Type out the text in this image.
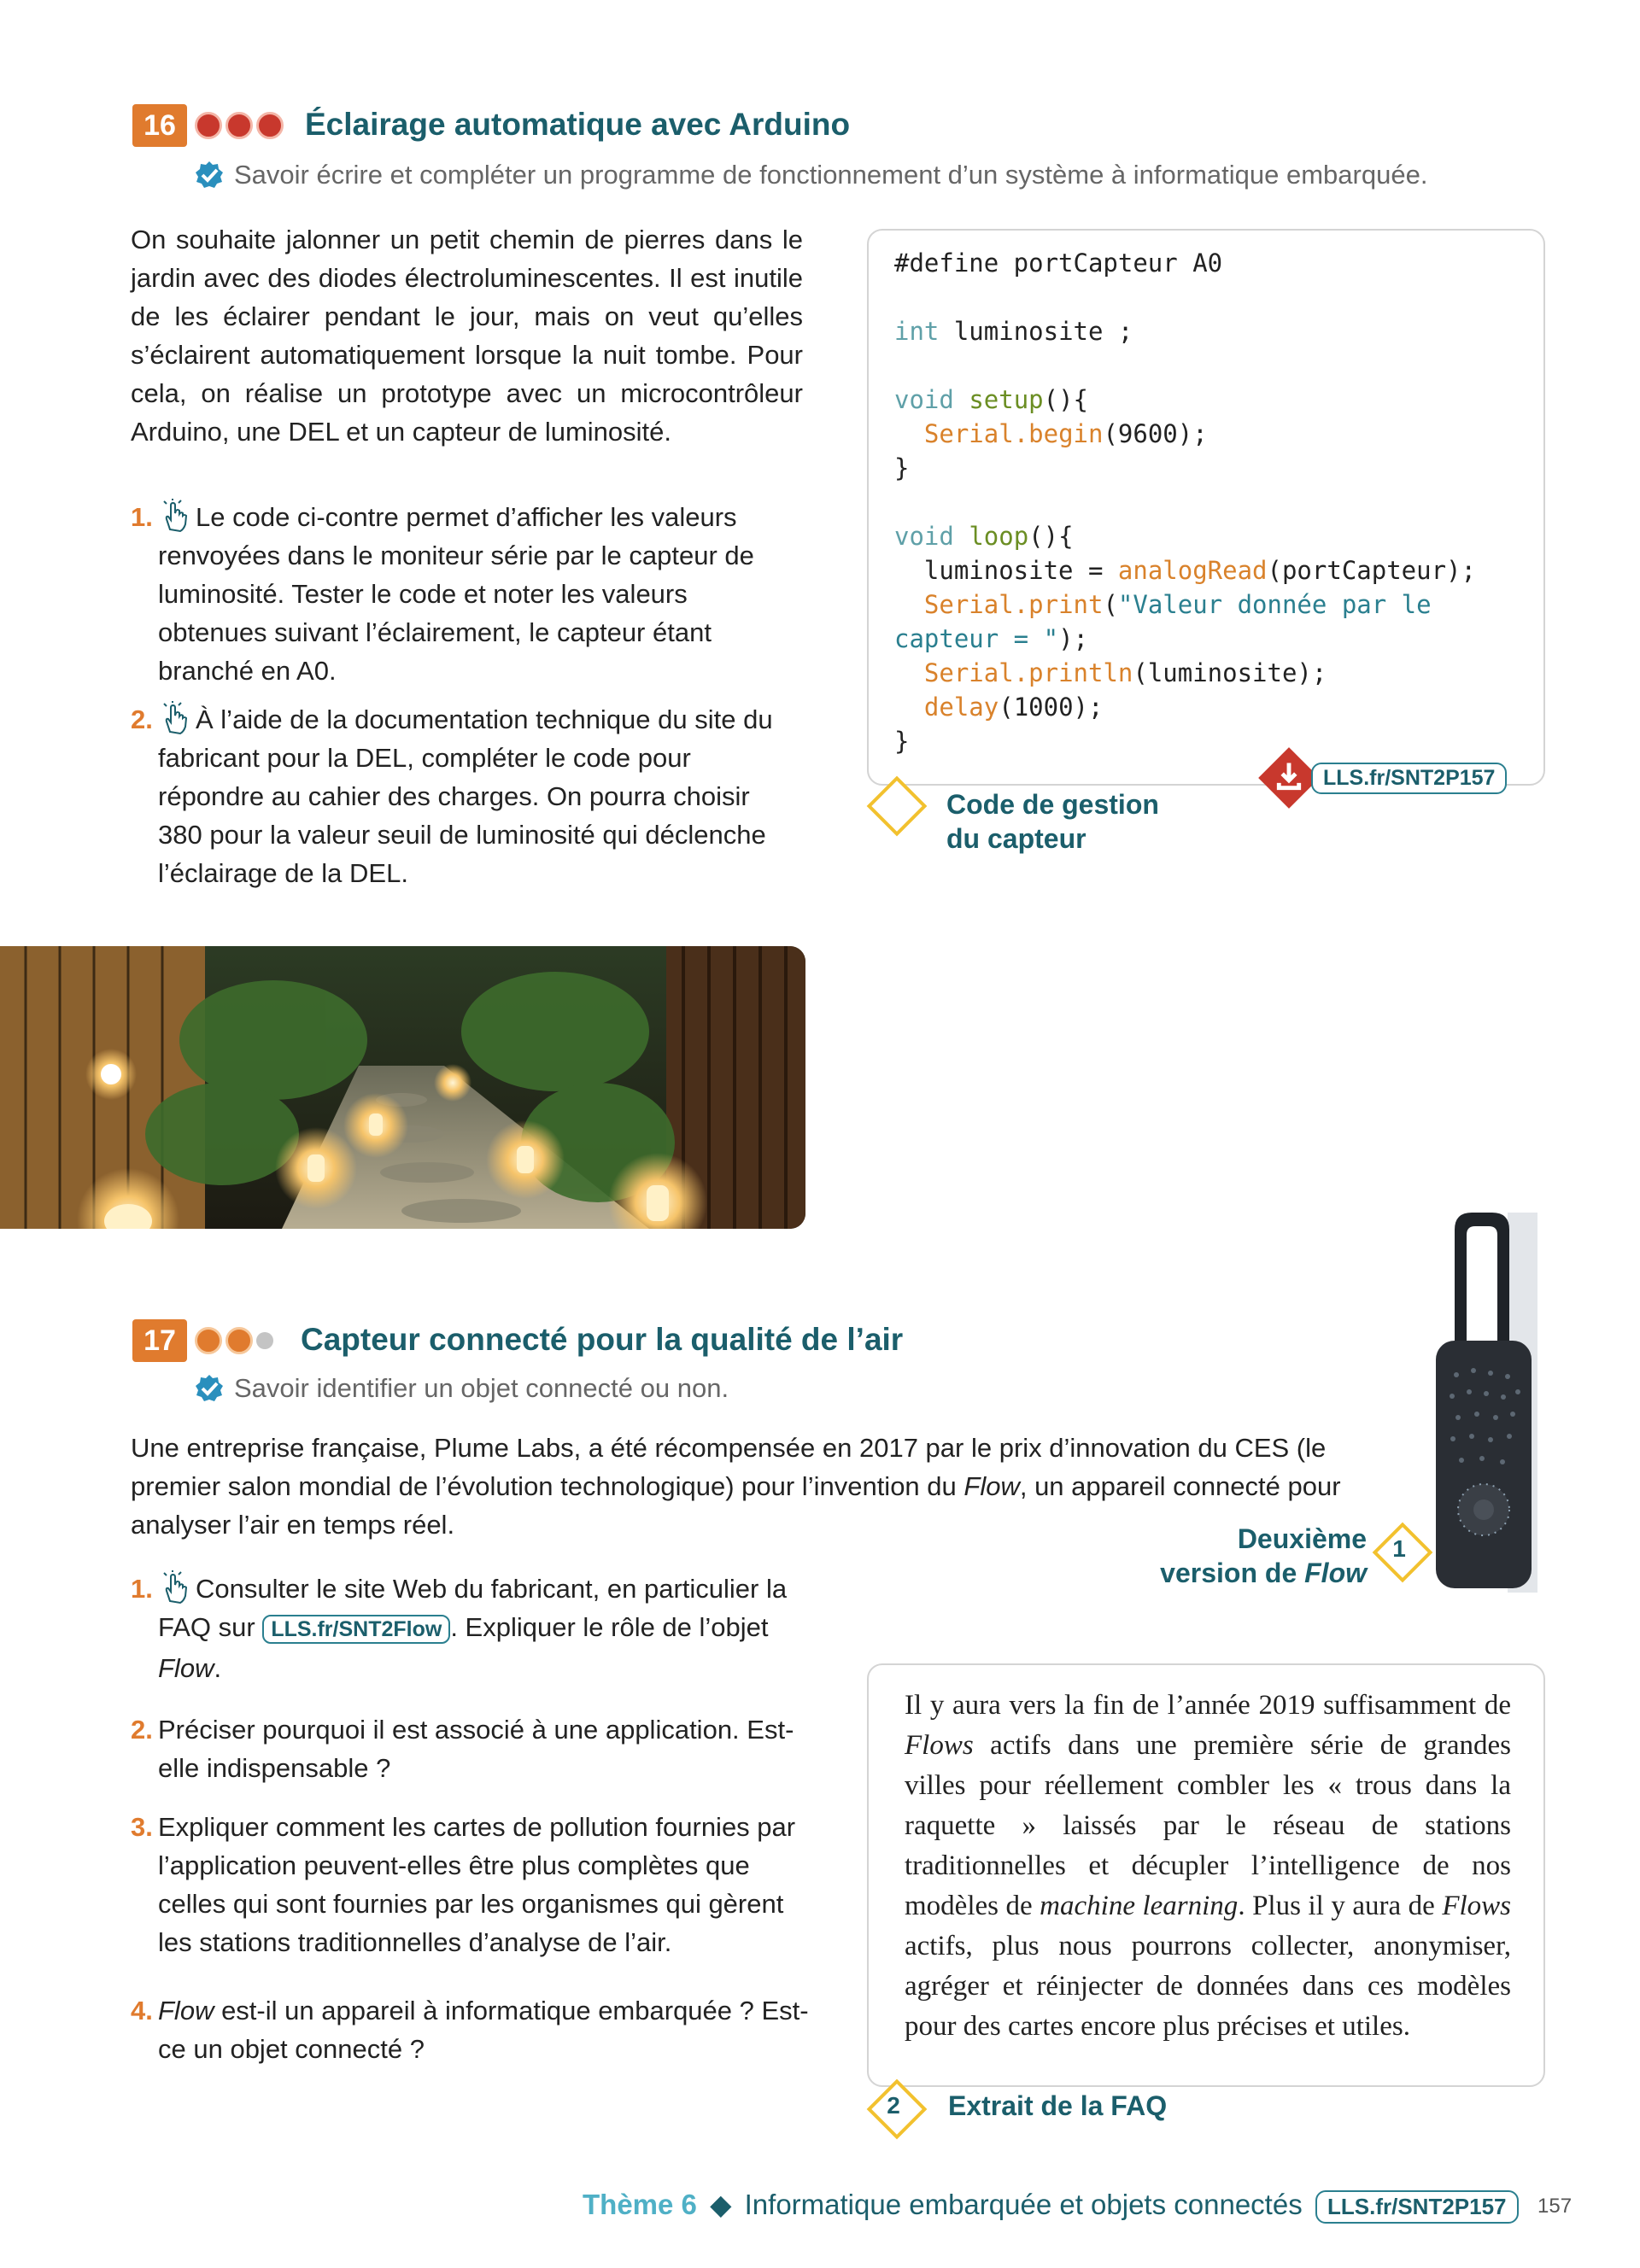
16	Éclairage automatique avec Arduino
Savoir écrire et compléter un programme de fonctionnement d’un système à informatique embarquée.
On souhaite jalonner un petit chemin de pierres dans le jardin avec des diodes électroluminescentes. Il est inutile de les éclairer pendant le jour, mais on veut qu’elles s’éclairent automatiquement lorsque la nuit tombe. Pour cela, on réalise un prototype avec un microcontrôleur Arduino, une DEL et un capteur de luminosité.
1. Le code ci-contre permet d’afficher les valeurs renvoyées dans le moniteur série par le capteur de luminosité. Tester le code et noter les valeurs obtenues suivant l’éclairement, le capteur étant branché en A0.
2. À l’aide de la documentation technique du site du fabricant pour la DEL, compléter le code pour répondre au cahier des charges. On pourra choisir 380 pour la valeur seuil de luminosité qui déclenche l’éclairage de la DEL.
#define portCapteur A0

int luminosite ;

void setup(){
Serial.begin(9600);
}

void loop(){
luminosite = analogRead(portCapteur);
Serial.print("Valeur donnée par le
capteur = ");
Serial.println(luminosite);
delay(1000);
}
LLS.fr/SNT2P157
Code de gestion
du capteur
17	Capteur connecté pour la qualité de l’air
Savoir identifier un objet connecté ou non.
Une entreprise française, Plume Labs, a été récompensée en 2017 par le prix d’innovation du CES (le premier salon mondial de l’évolution technologique) pour l’invention du Flow, un appareil connecté pour analyser l’air en temps réel.	Deuxième
version de Flow
1
1. Consulter le site Web du fabricant, en particulier la FAQ sur LLS.fr/SNT2Flow . Expliquer le rôle de l’objet Flow.
2. Préciser pourquoi il est associé à une application. Est-elle indispensable ?
3. Expliquer comment les cartes de pollution fournies par l’application peuvent-elles être plus complètes que celles qui sont fournies par les organismes qui gèrent les stations traditionnelles d’analyse de l’air.
4. Flow est-il un appareil à informatique embarquée ? Est-ce un objet connecté ?

Il y aura vers la fin de l’année 2019 suffisamment de Flows actifs dans une première série de grandes villes pour réellement combler les « trous dans la raquette » laissés par le réseau de stations traditionnelles et décupler l’intelligence de nos modèles de machine learning. Plus il y aura de Flows actifs, plus nous pourrons collecter, anonymiser, agréger et réinjecter de données dans ces modèles pour des cartes encore plus précises et utiles.

2	Extrait de la FAQ
Thème 6 ◆ Informatique embarquée et objets connectés	LLS.fr/SNT2P157	157
